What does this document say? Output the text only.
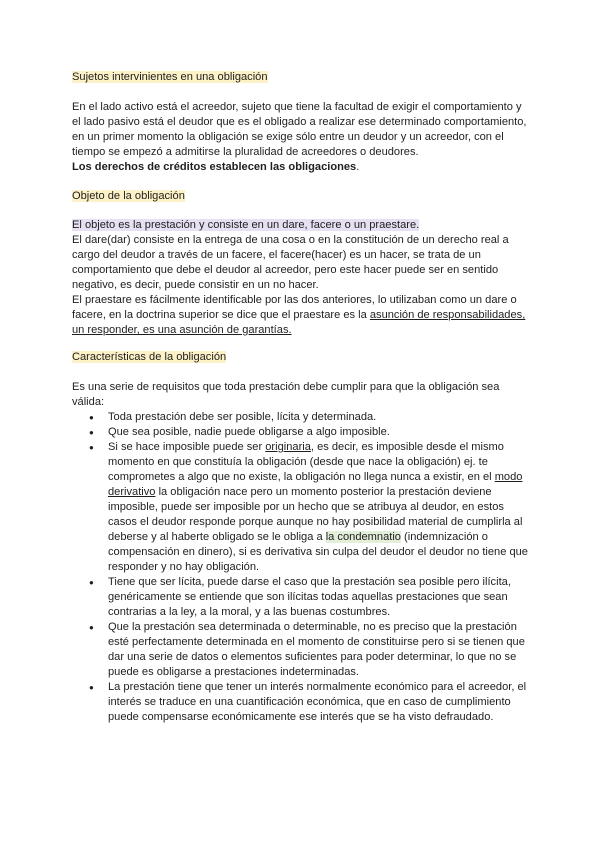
Sujetos intervinientes en una obligación

En el lado activo está el acreedor, sujeto que tiene la facultad de exigir el comportamiento y el lado pasivo está el deudor que es el obligado a realizar ese determinado comportamiento, en un primer momento la obligación se exige sólo entre un deudor y un acreedor, con el tiempo se empezó a admitirse la pluralidad de acreedores o deudores.

Los derechos de créditos establecen las obligaciones.

Objeto de la obligación

El objeto es la prestación y consiste en un dare, facere o un praestare.

El dare(dar) consiste en la entrega de una cosa o en la constitución de un derecho real a cargo del deudor a través de un facere, el facere(hacer) es un hacer, se trata de un comportamiento que debe el deudor al acreedor, pero este hacer puede ser en sentido negativo, es decir, puede consistir en un no hacer.

El praestare es fácilmente identificable por las dos anteriores, lo utilizaban como un dare o facere, en la doctrina superior se dice que el praestare es la asunción de responsabilidades, un responder, es una asunción de garantías.

Características de la obligación

Es una serie de requisitos que toda prestación debe cumplir para que la obligación sea válida:

● Toda prestación debe ser posible, lícita y determinada.
● Que sea posible, nadie puede obligarse a algo imposible.
● Si se hace imposible puede ser originaria, es decir, es imposible desde el mismo momento en que constituía la obligación (desde que nace la obligación) ej. te comprometes a algo que no existe, la obligación no llega nunca a existir, en el modo derivativo la obligación nace pero un momento posterior la prestación deviene imposible, puede ser imposible por un hecho que se atribuya al deudor, en estos casos el deudor responde porque aunque no hay posibilidad material de cumplirla al deberse y al haberte obligado se le obliga a la condemnatio (indemnización o compensación en dinero), si es derivativa sin culpa del deudor el deudor no tiene que responder y no hay obligación.
● Tiene que ser lícita, puede darse el caso que la prestación sea posible pero ilícita, genéricamente se entiende que son ilícitas todas aquellas prestaciones que sean contrarias a la ley, a la moral, y a las buenas costumbres.
● Que la prestación sea determinada o determinable, no es preciso que la prestación esté perfectamente determinada en el momento de constituirse pero si se tienen que dar una serie de datos o elementos suficientes para poder determinar, lo que no se puede es obligarse a prestaciones indeterminadas.
● La prestación tiene que tener un interés normalmente económico para el acreedor, el interés se traduce en una cuantificación económica, que en caso de cumplimiento puede compensarse económicamente ese interés que se ha visto defraudado.
